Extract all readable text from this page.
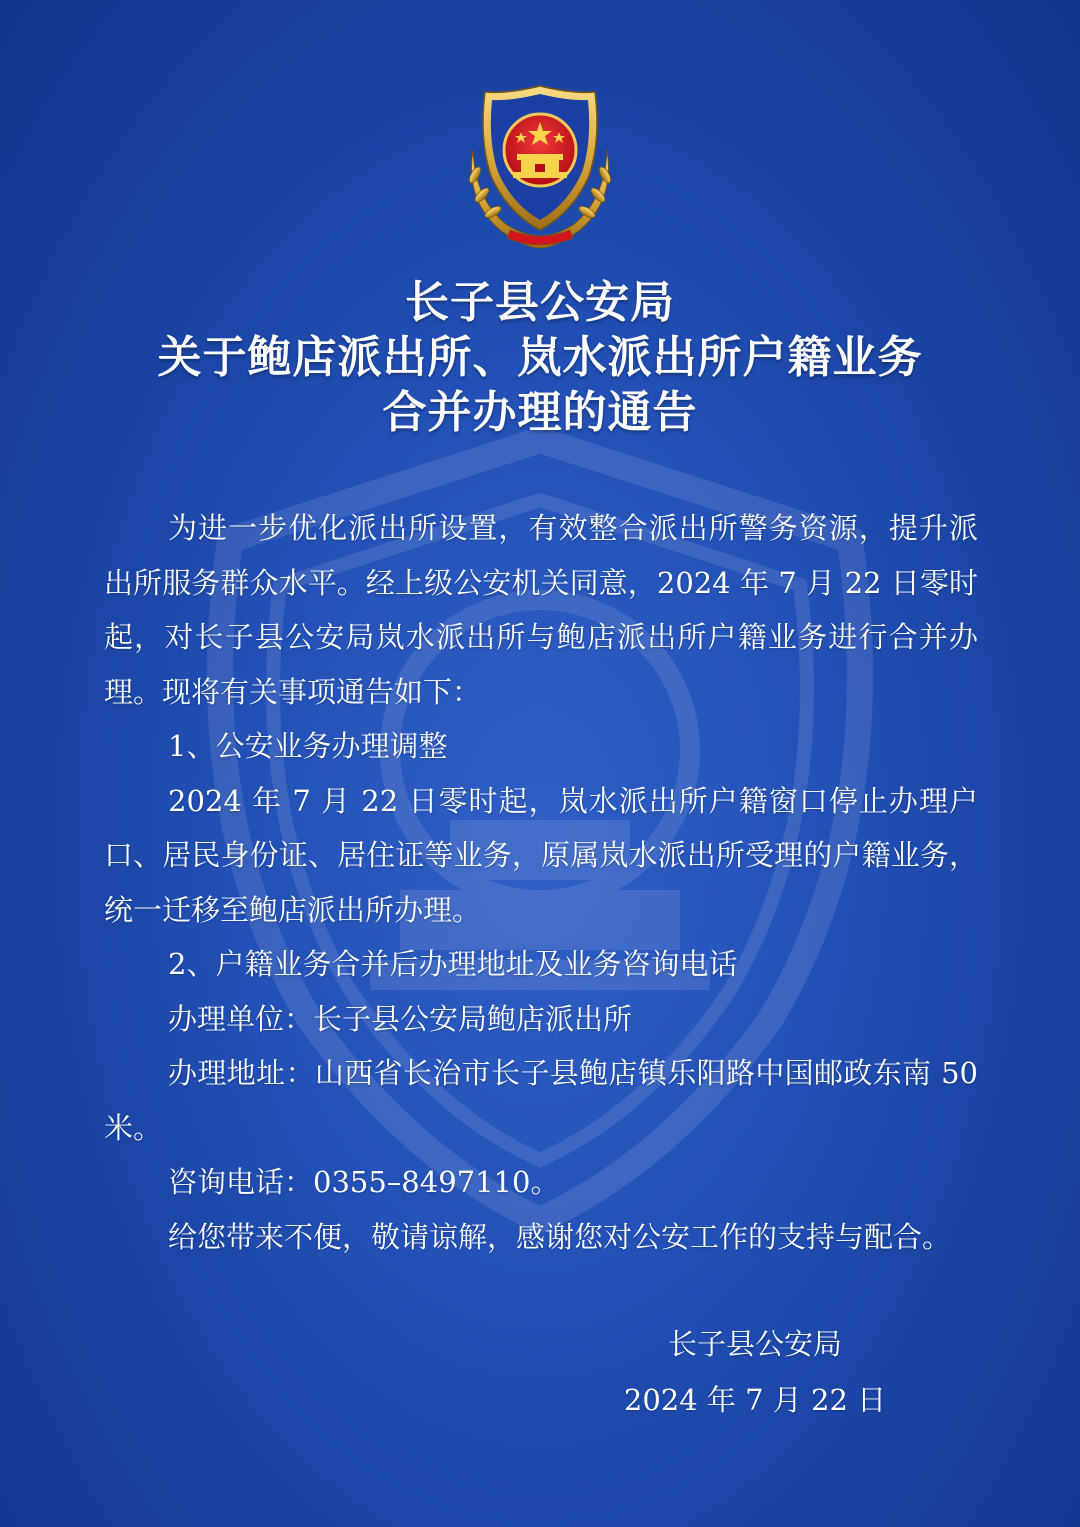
长子县公安局
关于鲍店派出所、岚水派出所户籍业务
合并办理的通告

为进一步优化派出所设置，有效整合派出所警务资源，提升派出所服务群众水平。经上级公安机关同意，2024 年 7 月 22 日零时起，对长子县公安局岚水派出所与鲍店派出所户籍业务进行合并办理。现将有关事项通告如下：

1、公安业务办理调整

2024 年 7 月 22 日零时起，岚水派出所户籍窗口停止办理户口、居民身份证、居住证等业务，原属岚水派出所受理的户籍业务，统一迁移至鲍店派出所办理。

2、户籍业务合并后办理地址及业务咨询电话

办理单位：长子县公安局鲍店派出所

办理地址：山西省长治市长子县鲍店镇乐阳路中国邮政东南 50 米。

咨询电话：0355–8497110。

给您带来不便，敬请谅解，感谢您对公安工作的支持与配合。

长子县公安局
2024 年 7 月 22 日
